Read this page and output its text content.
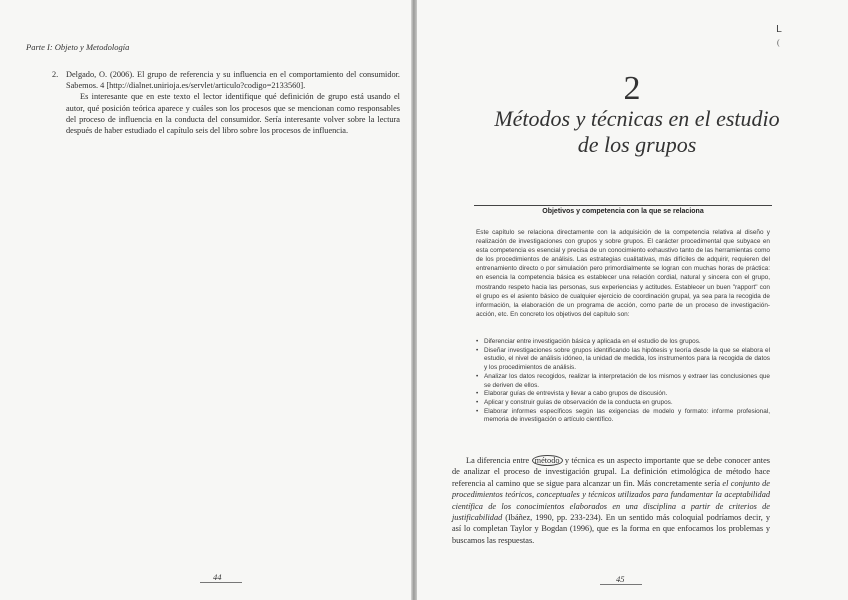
Parte I: Objeto y Metodología
2. Delgado, O. (2006). El grupo de referencia y su influencia en el comportamiento del consumidor. Sabemos. 4 [http://dialnet.unirioja.es/servlet/articulo?codigo=2133560].

Es interesante que en este texto el lector identifique qué definición de grupo está usando el autor, qué posición teórica aparece y cuáles son los procesos que se mencionan como responsables del proceso de influencia en la conducta del consumidor. Sería interesante volver sobre la lectura después de haber estudiado el capítulo seis del libro sobre los procesos de influencia.

44
L
(
2
Métodos y técnicas en el estudio
de los grupos
Objetivos y competencia con la que se relaciona
Este capítulo se relaciona directamente con la adquisición de la competencia relativa al diseño y realización de investigaciones con grupos y sobre grupos. El carácter procedimental que subyace en esta competencia es esencial y precisa de un conocimiento exhaustivo tanto de las herramientas como de los procedimientos de análisis. Las estrategias cualitativas, más difíciles de adquirir, requieren del entrenamiento directo o por simulación pero primordialmente se logran con muchas horas de práctica: en esencia la competencia básica es establecer una relación cordial, natural y sincera con el grupo, mostrando respeto hacia las personas, sus experiencias y actitudes. Establecer un buen "rapport" con el grupo es el asiento básico de cualquier ejercicio de coordinación grupal, ya sea para la recogida de información, la elaboración de un programa de acción, como parte de un proceso de investigación-acción, etc. En concreto los objetivos del capítulo son:
• Diferenciar entre investigación básica y aplicada en el estudio de los grupos.
• Diseñar investigaciones sobre grupos identificando las hipótesis y teoría desde la que se elabora el estudio, el nivel de análisis idóneo, la unidad de medida, los instrumentos para la recogida de datos y los procedimientos de análisis.
• Analizar los datos recogidos, realizar la interpretación de los mismos y extraer las conclusiones que se deriven de ellos.
• Elaborar guías de entrevista y llevar a cabo grupos de discusión.
• Aplicar y construir guías de observación de la conducta en grupos.
• Elaborar informes específicos según las exigencias de modelo y formato: informe profesional, memoria de investigación o artículo científico.
La diferencia entre método y técnica es un aspecto importante que se debe conocer antes de analizar el proceso de investigación grupal. La definición etimológica de método hace referencia al camino que se sigue para alcanzar un fin. Más concretamente sería el conjunto de procedimientos teóricos, conceptuales y técnicos utilizados para fundamentar la aceptabilidad científica de los conocimientos elaborados en una disciplina a partir de criterios de justificabilidad (Ibáñez, 1990, pp. 233-234). En un sentido más coloquial podríamos decir, y así lo completan Taylor y Bogdan (1996), que es la forma en que enfocamos los problemas y buscamos las respuestas.
45
